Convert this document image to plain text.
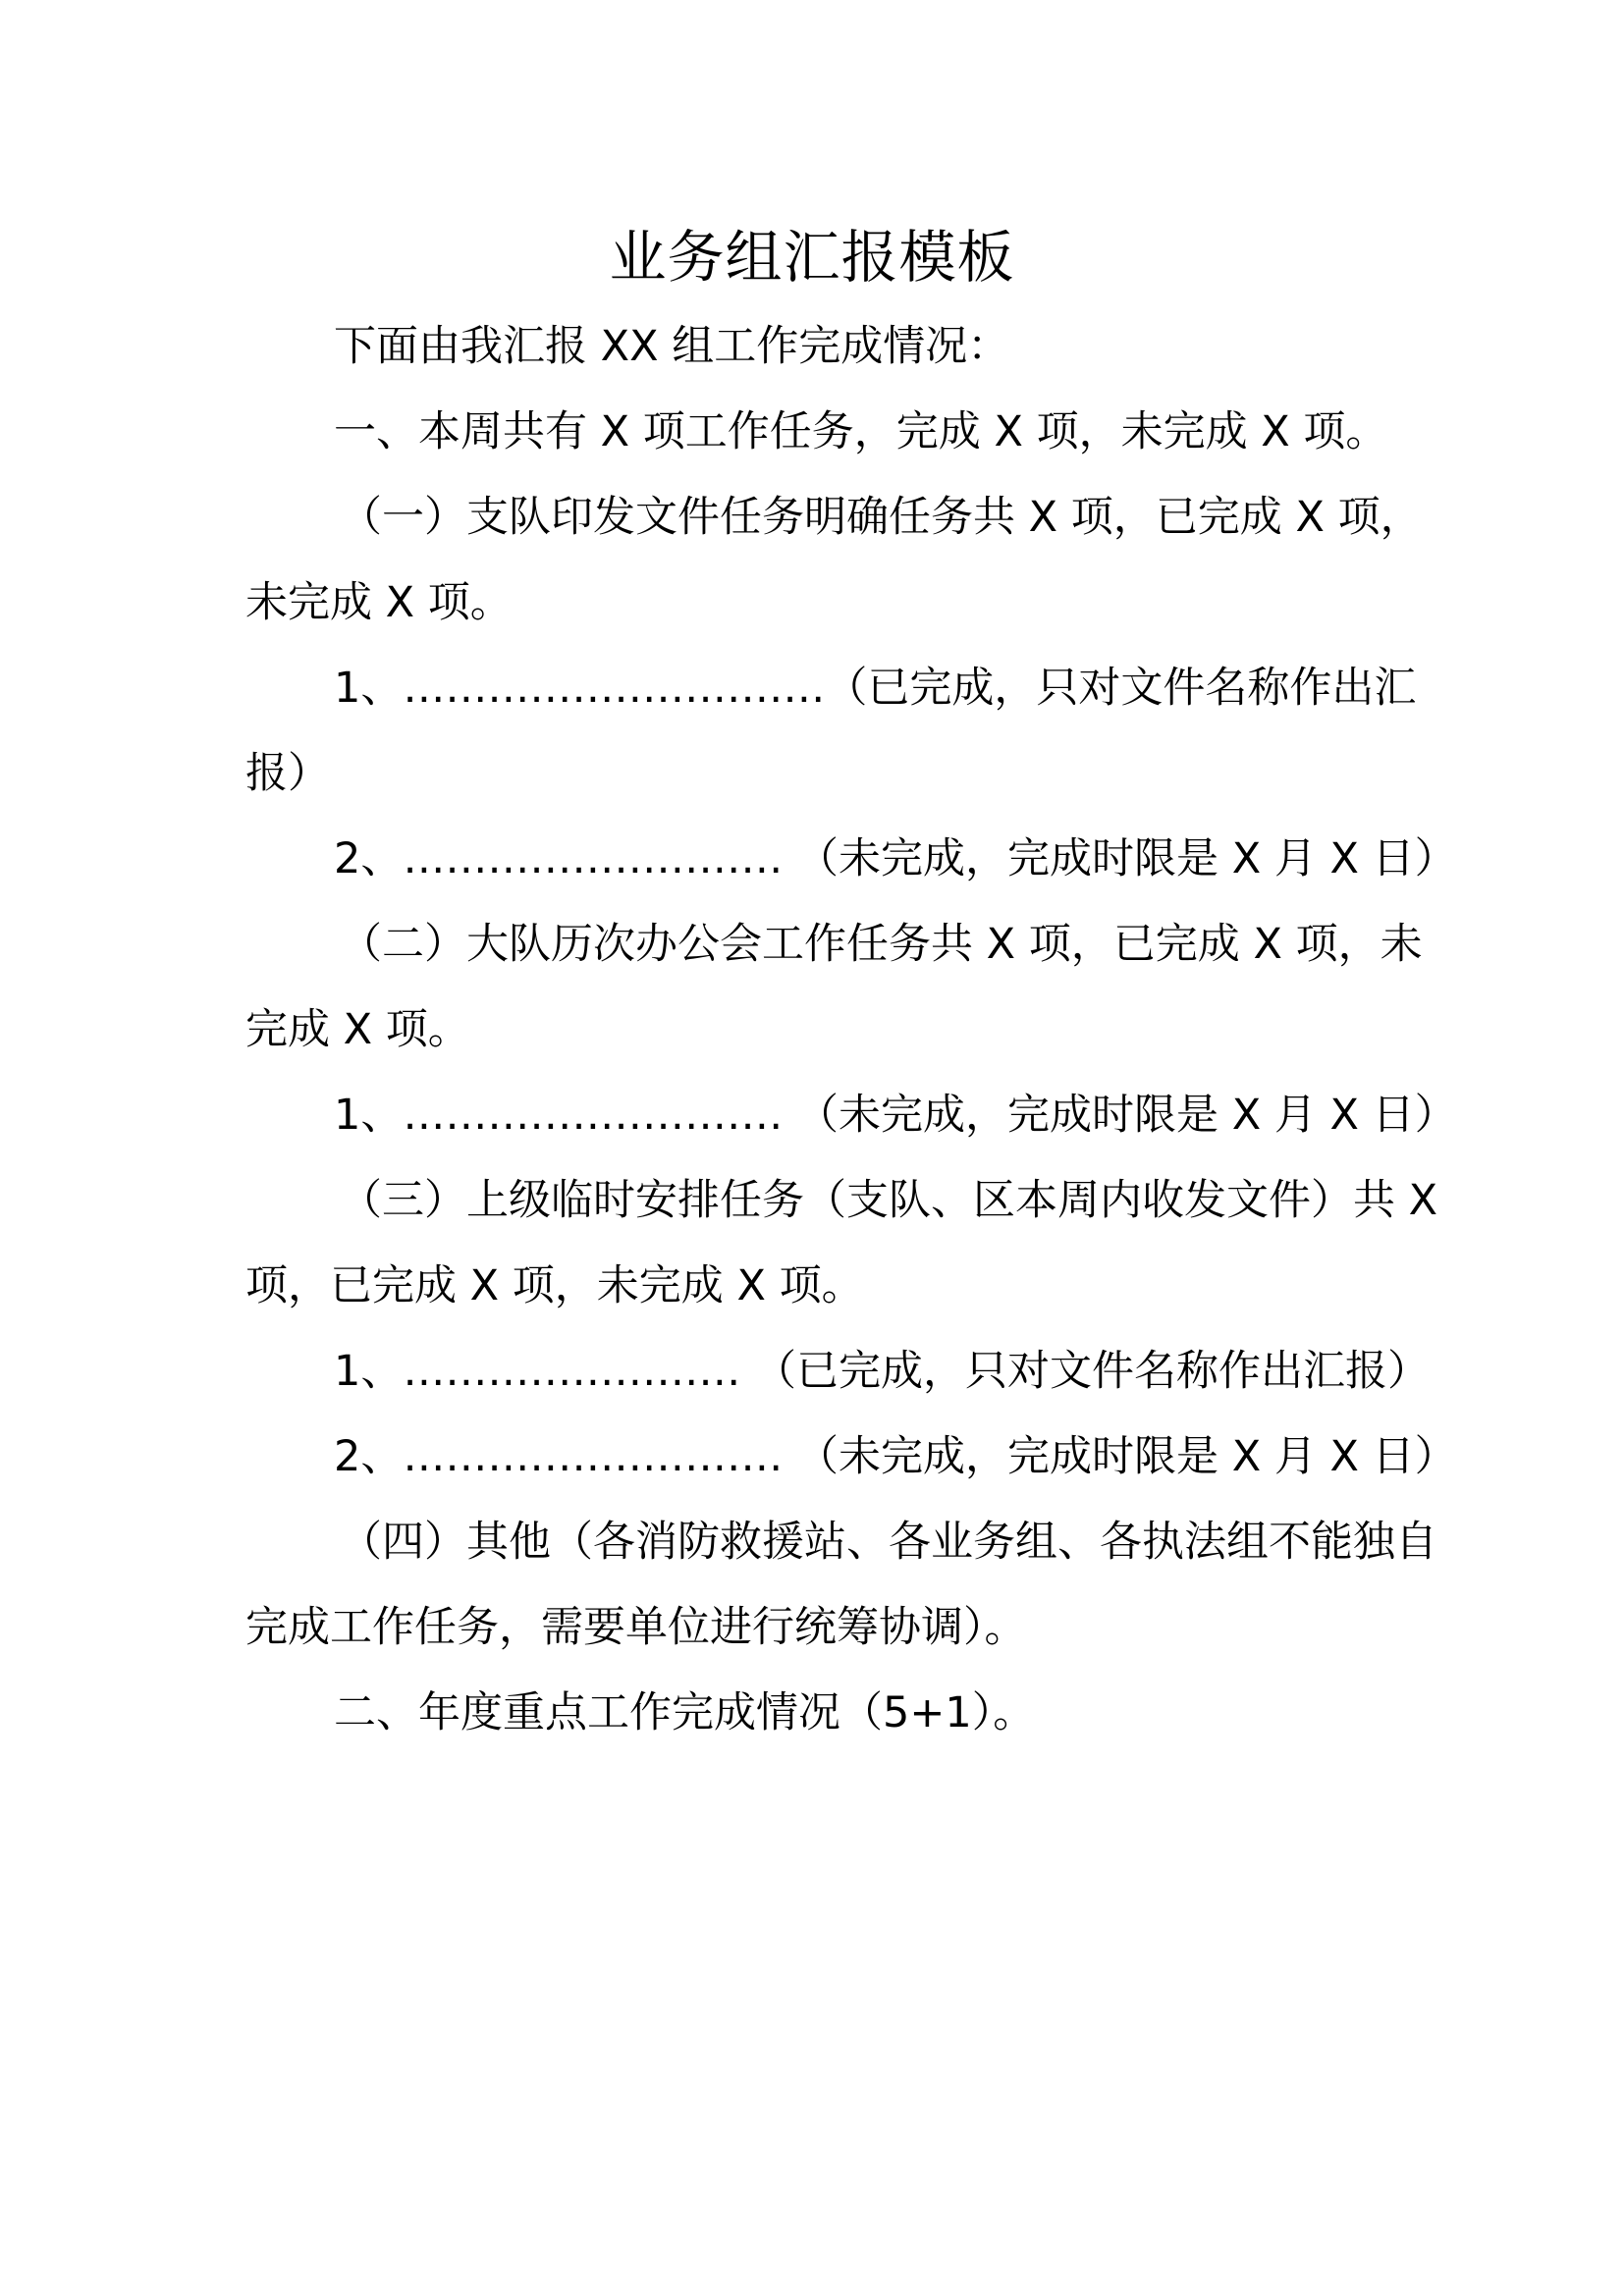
业务组汇报模板
下面由我汇报 XX 组工作完成情况：
一、本周共有 X 项工作任务，完成 X 项，未完成 X 项。
（一）支队印发文件任务明确任务共 X 项，已完成 X 项，
未完成 X 项。
1、…………………………（已完成，只对文件名称作出汇
报）
2、……………………… （未完成，完成时限是 X 月 X 日）
（二）大队历次办公会工作任务共 X 项，已完成 X 项，未
完成 X 项。
1、……………………… （未完成，完成时限是 X 月 X 日）
（三）上级临时安排任务（支队、区本周内收发文件）共 X
项，已完成 X 项，未完成 X 项。
1、…………………… （已完成，只对文件名称作出汇报）
2、……………………… （未完成，完成时限是 X 月 X 日）
（四）其他（各消防救援站、各业务组、各执法组不能独自
完成工作任务，需要单位进行统筹协调）。
二、年度重点工作完成情况（5+1）。
